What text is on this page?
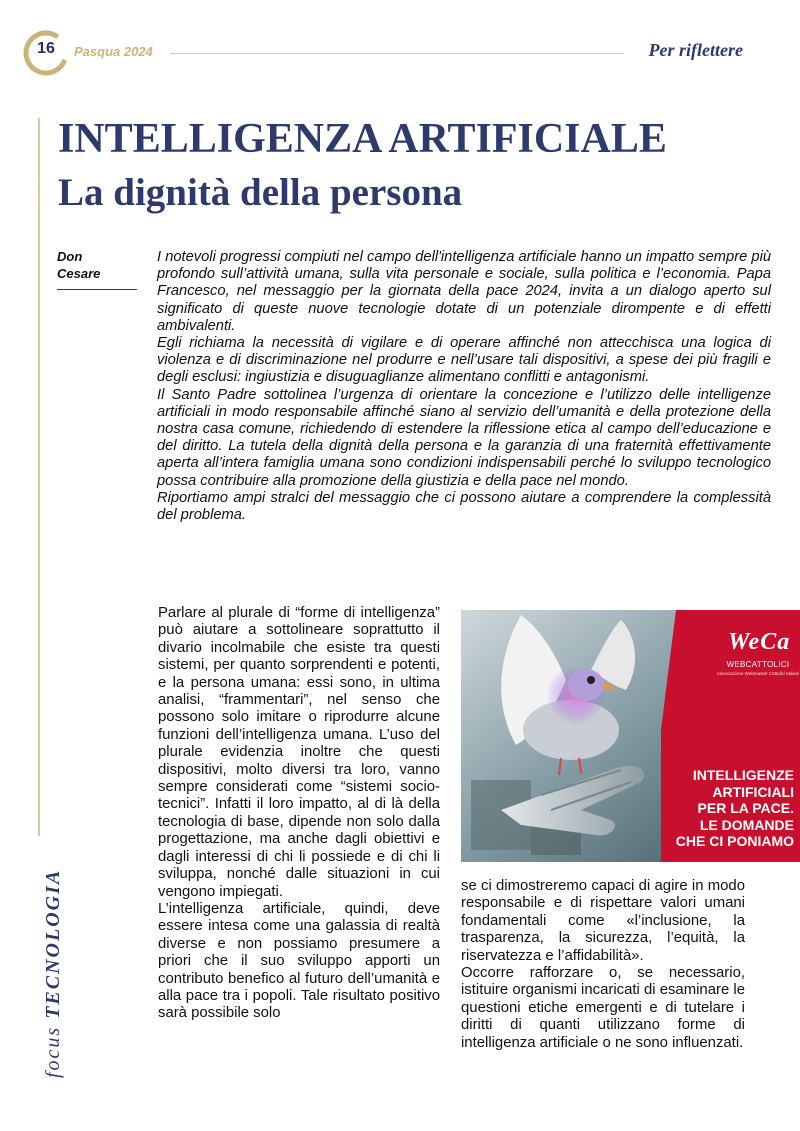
16	Pasqua 2024	Per riflettere
focus TECNOLOGIA
INTELLIGENZA ARTIFICIALE
La dignità della persona
Don
Cesare

I notevoli progressi compiuti nel campo dell'intelligenza artificiale hanno un impatto sempre più profondo sull’attività umana, sulla vita personale e sociale, sulla politica e l’economia. Papa Francesco, nel messaggio per la giornata della pace 2024, invita a un dialogo aperto sul significato di queste nuove tecnologie dotate di un potenziale dirompente e di effetti ambivalenti.

Egli richiama la necessità di vigilare e di operare affinché non attecchisca una logica di violenza e di discriminazione nel produrre e nell’usare tali dispositivi, a spese dei più fragili e degli esclusi: ingiustizia e disuguaglianze alimentano conflitti e antagonismi.

Il Santo Padre sottolinea l’urgenza di orientare la concezione e l’utilizzo delle intelligenze artificiali in modo responsabile affinché siano al servizio dell’umanità e della protezione della nostra casa comune, richiedendo di estendere la riflessione etica al campo dell’educazione e del diritto. La tutela della dignità della persona e la garanzia di una fraternità effettivamente aperta all’intera famiglia umana sono condizioni indispensabili perché lo sviluppo tecnologico possa contribuire alla promozione della giustizia e della pace nel mondo.

Riportiamo ampi stralci del messaggio che ci possono aiutare a comprendere la complessità del problema.

Parlare al plurale di “forme di intelligenza” può aiutare a sottolineare soprattutto il divario incolmabile che esiste tra questi sistemi, per quanto sorprendenti e potenti, e la persona umana: essi sono, in ultima analisi, “frammentari”, nel senso che possono solo imitare o riprodurre alcune funzioni dell’intelligenza umana. L’uso del plurale evidenzia inoltre che questi dispositivi, molto diversi tra loro, vanno sempre considerati come “sistemi socio-tecnici”. Infatti il loro impatto, al di là della tecnologia di base, dipende non solo dalla progettazione, ma anche dagli obiettivi e dagli interessi di chi li possiede e di chi li sviluppa, nonché dalle situazioni in cui vengono impiegati.

L’intelligenza artificiale, quindi, deve essere intesa come una galassia di realtà diverse e non possiamo presumere a priori che il suo sviluppo apporti un contributo benefico al futuro dell’umanità e alla pace tra i popoli. Tale risultato positivo sarà possibile solo

WeCa
WEBCATTOLICI
Associazione Webmaster Cattolici Italiani
INTELLIGENZE
ARTIFICIALI
PER LA PACE.
LE DOMANDE
CHE CI PONIAMO

se ci dimostreremo capaci di agire in modo responsabile e di rispettare valori umani fondamentali come «l’inclusione, la trasparenza, la sicurezza, l’equità, la riservatezza e l’affidabilità».

Occorre rafforzare o, se necessario, istituire organismi incaricati di esaminare le questioni etiche emergenti e di tutelare i diritti di quanti utilizzano forme di intelligenza artificiale o ne sono influenzati.
